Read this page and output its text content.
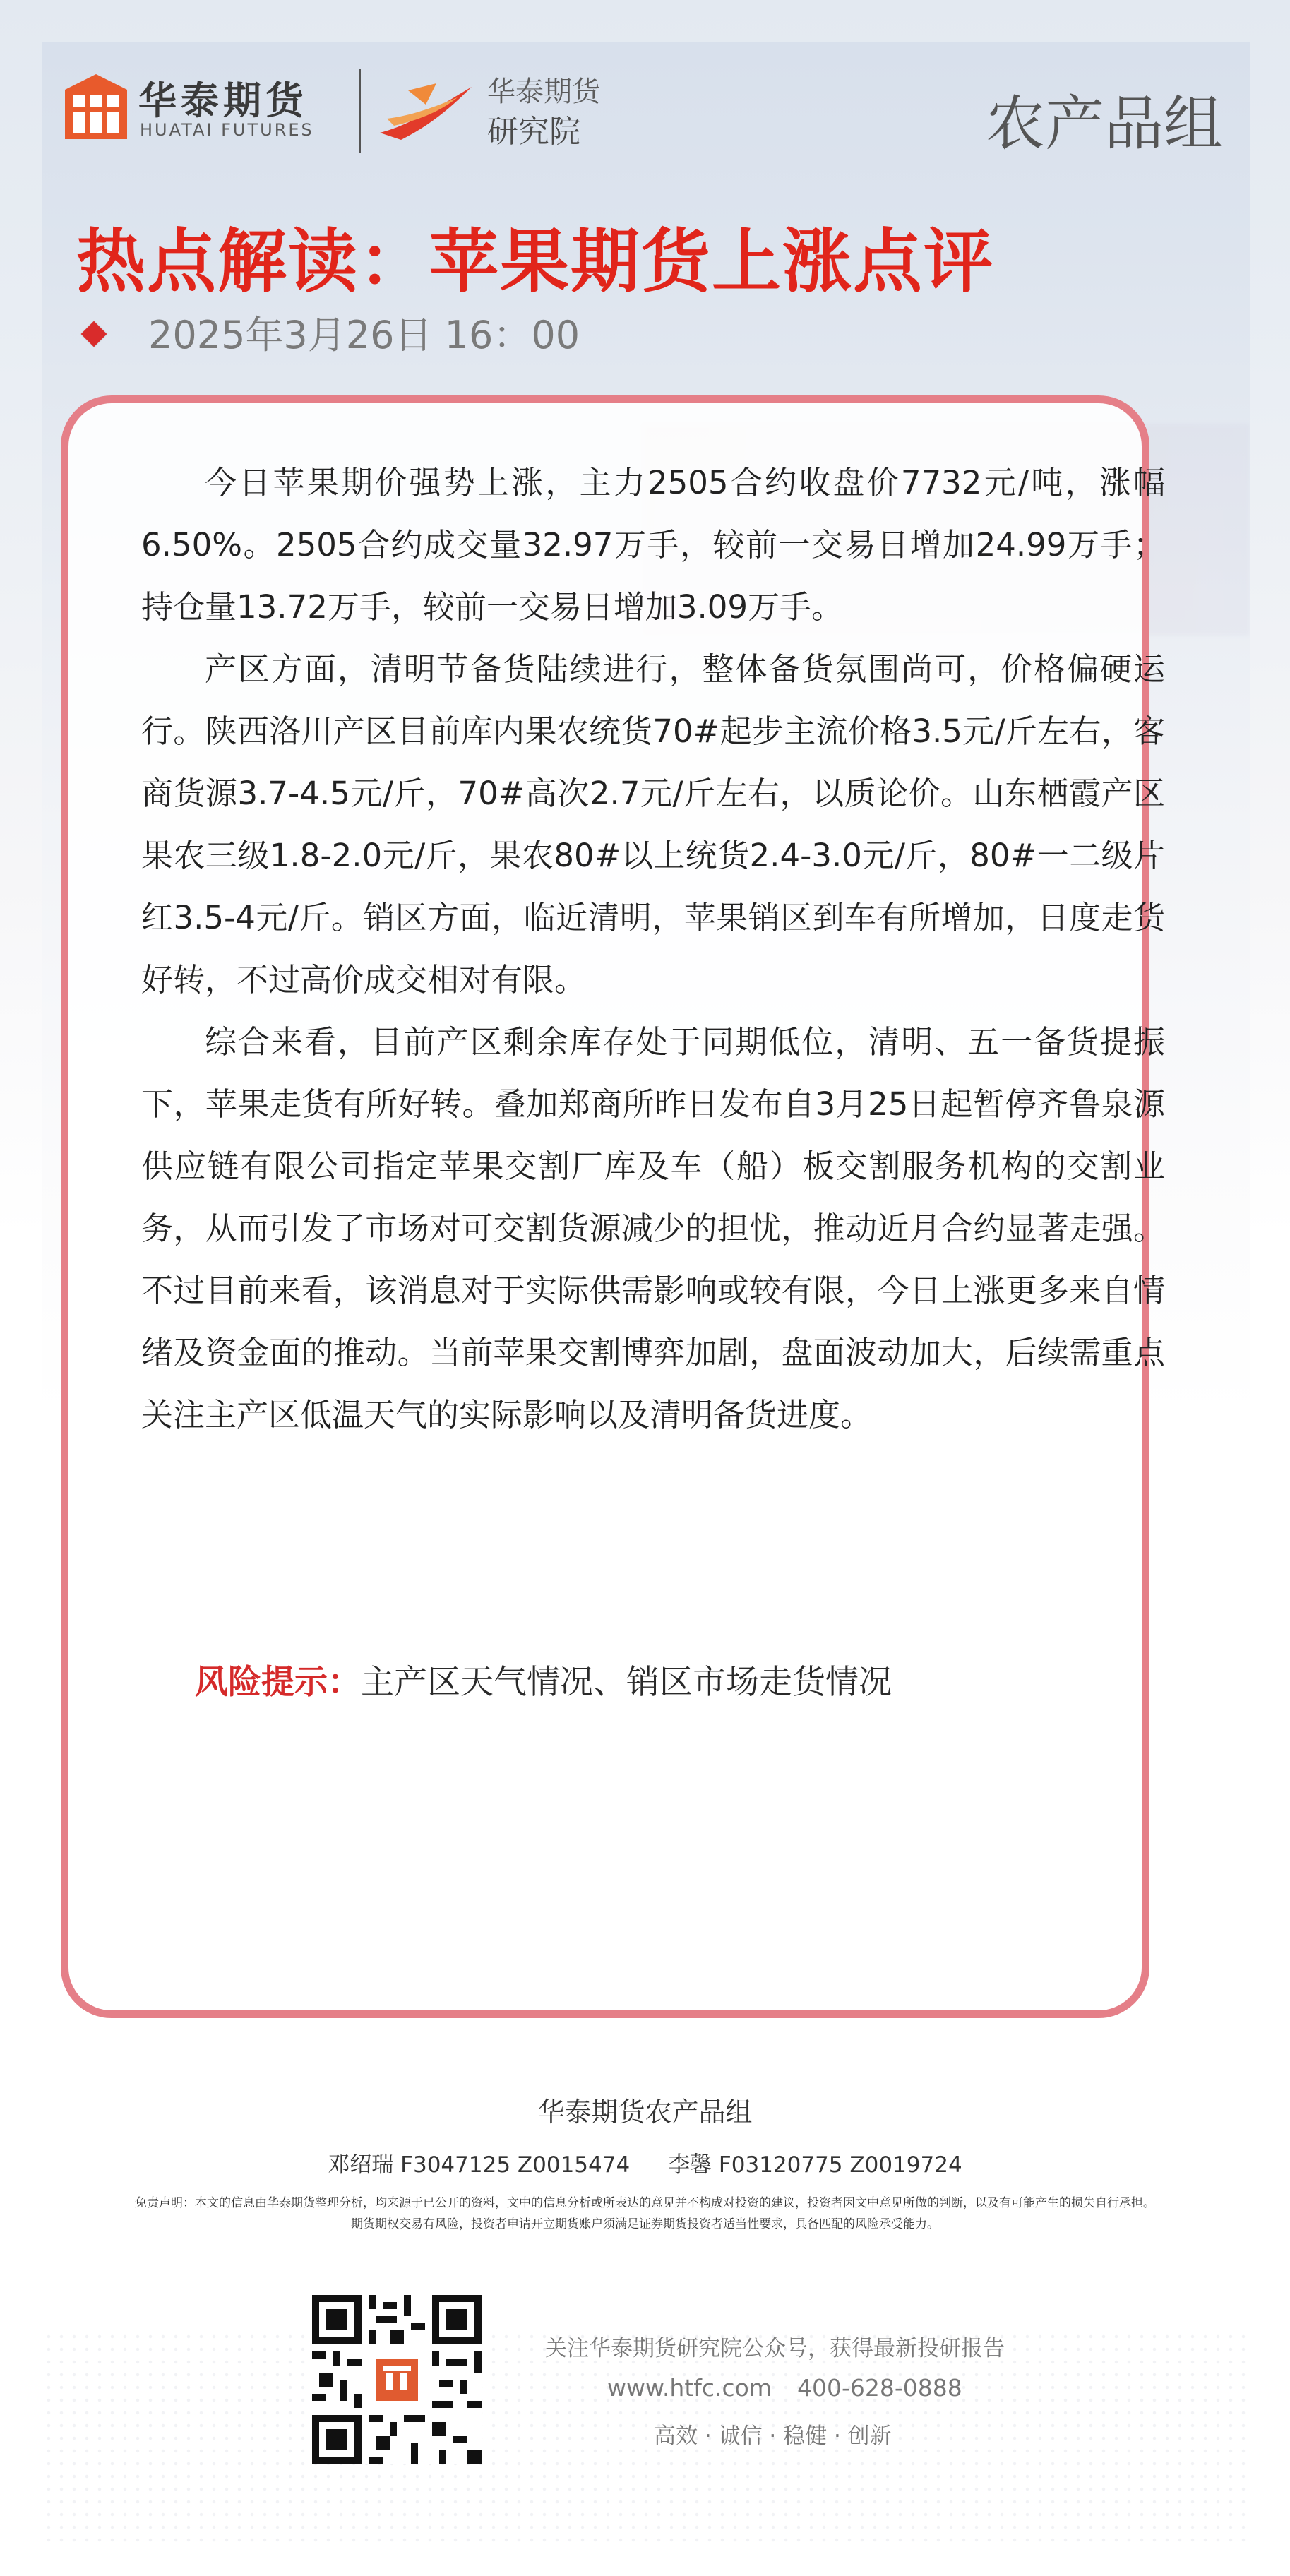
华泰期货
HUATAI FUTURES
华泰期货
研究院	农产品组
热点解读：苹果期货上涨点评
2025年3月26日 16：00

今日苹果期价强势上涨，主力2505合约收盘价7732元/吨，涨幅6.50%。2505合约成交量32.97万手，较前一交易日增加24.99万手；持仓量13.72万手，较前一交易日增加3.09万手。

产区方面，清明节备货陆续进行，整体备货氛围尚可，价格偏硬运行。陕西洛川产区目前库内果农统货70#起步主流价格3.5元/斤左右，客商货源3.7-4.5元/斤，70#高次2.7元/斤左右，以质论价。山东栖霞产区果农三级1.8-2.0元/斤，果农80#以上统货2.4-3.0元/斤，80#一二级片红3.5-4元/斤。销区方面，临近清明，苹果销区到车有所增加，日度走货好转，不过高价成交相对有限。

综合来看，目前产区剩余库存处于同期低位，清明、五一备货提振下，苹果走货有所好转。叠加郑商所昨日发布自3月25日起暂停齐鲁泉源供应链有限公司指定苹果交割厂库及车（船）板交割服务机构的交割业务，从而引发了市场对可交割货源减少的担忧，推动近月合约显著走强。不过目前来看，该消息对于实际供需影响或较有限，今日上涨更多来自情绪及资金面的推动。当前苹果交割博弈加剧，盘面波动加大，后续需重点关注主产区低温天气的实际影响以及清明备货进度。

风险提示：主产区天气情况、销区市场走货情况
华泰期货农产品组
邓绍瑞 F3047125 Z0015474 李馨 F03120775 Z0019724
免责声明：本文的信息由华泰期货整理分析，均来源于已公开的资料，文中的信息分析或所表达的意见并不构成对投资的建议，投资者因文中意见所做的判断，以及有可能产生的损失自行承担。期货期权交易有风险，投资者申请开立期货账户须满足证券期货投资者适当性要求，具备匹配的风险承受能力。
关注华泰期货研究院公众号，获得最新投研报告
www.htfc.com 400-628-0888
高效 · 诚信 · 稳健 · 创新
